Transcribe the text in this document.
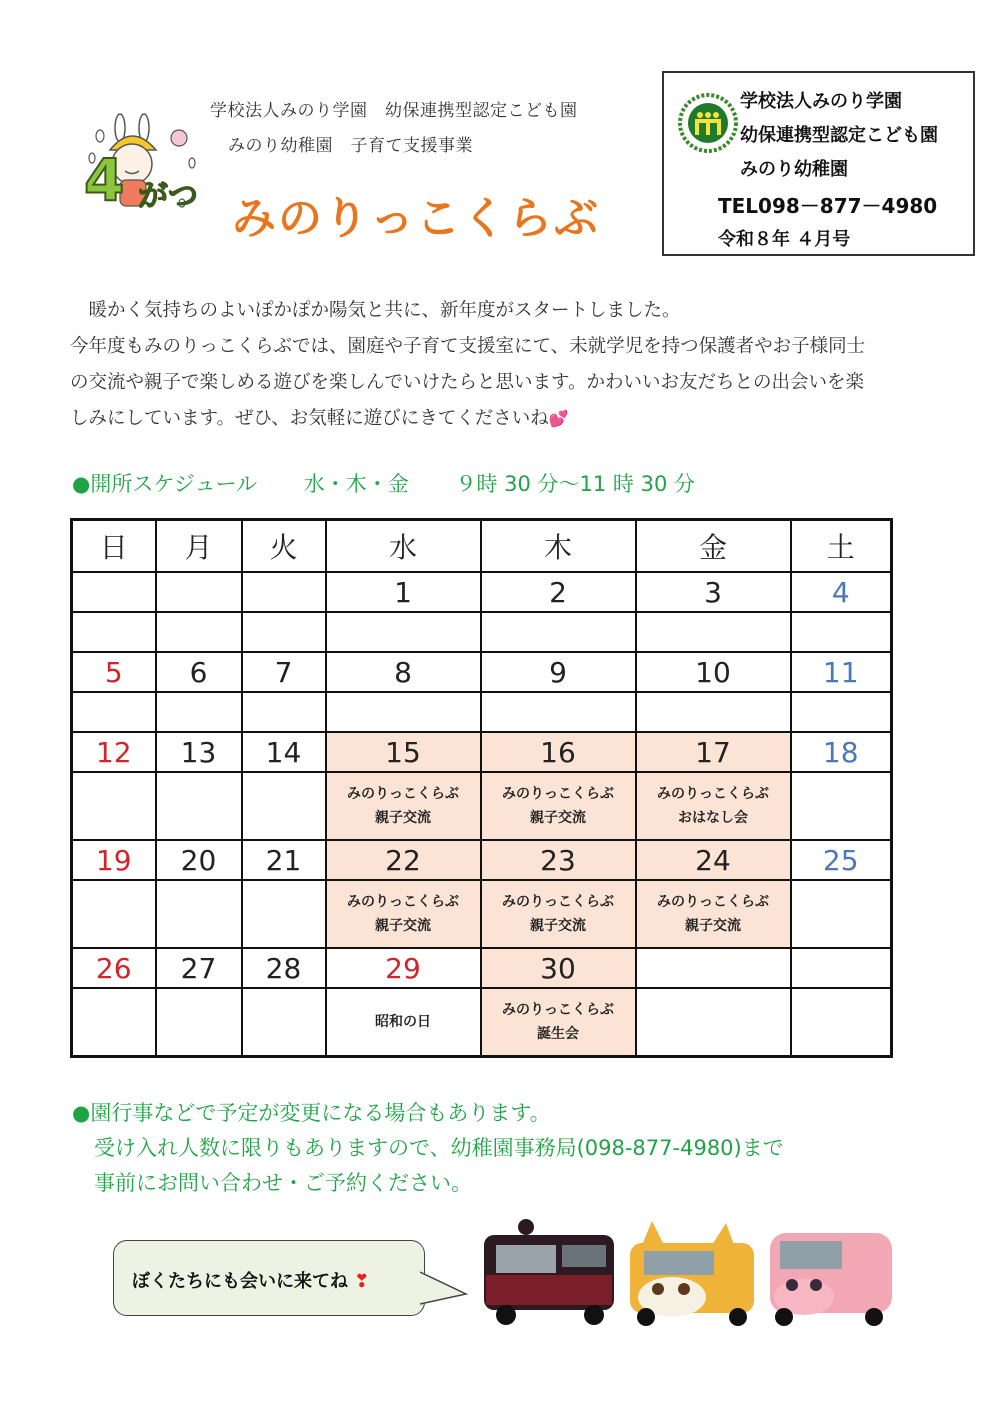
4 がつ
学校法人みのり学園　幼保連携型認定こども園
みのり幼稚園　子育て支援事業
みのりっこくらぶ
学校法人みのり学園
幼保連携型認定こども園
みのり幼稚園
TEL098－877－4980
令和８年 ４月号

　暖かく気持ちのよいぽかぽか陽気と共に、新年度がスタートしました。

今年度もみのりっこくらぶでは、園庭や子育て支援室にて、未就学児を持つ保護者やお子様同士

の交流や親子で楽しめる遊びを楽しんでいけたらと思います。かわいいお友だちとの出会いを楽

しみにしています。ぜひ、お気軽に遊びにきてくださいね💕

●開所スケジュール 水・木・金 ９時 30 分～11 時 30 分
日	月	火	水	木	金	土
			1	2	3	4

5	6	7	8	9	10	11

12	13	14	15	16	17	18
			みのりっこくらぶ
親子交流	みのりっこくらぶ
親子交流	みのりっこくらぶ
おはなし会	
19	20	21	22	23	24	25
			みのりっこくらぶ
親子交流	みのりっこくらぶ
親子交流	みのりっこくらぶ
親子交流	
26	27	28	29	30		
			昭和の日	みのりっこくらぶ
誕生会		

●園行事などで予定が変更になる場合もあります。

受け入れ人数に限りもありますので、幼稚園事務局(098-877-4980)まで

事前にお問い合わせ・ご予約ください。

ぼくたちにも会いに来てね ❣
